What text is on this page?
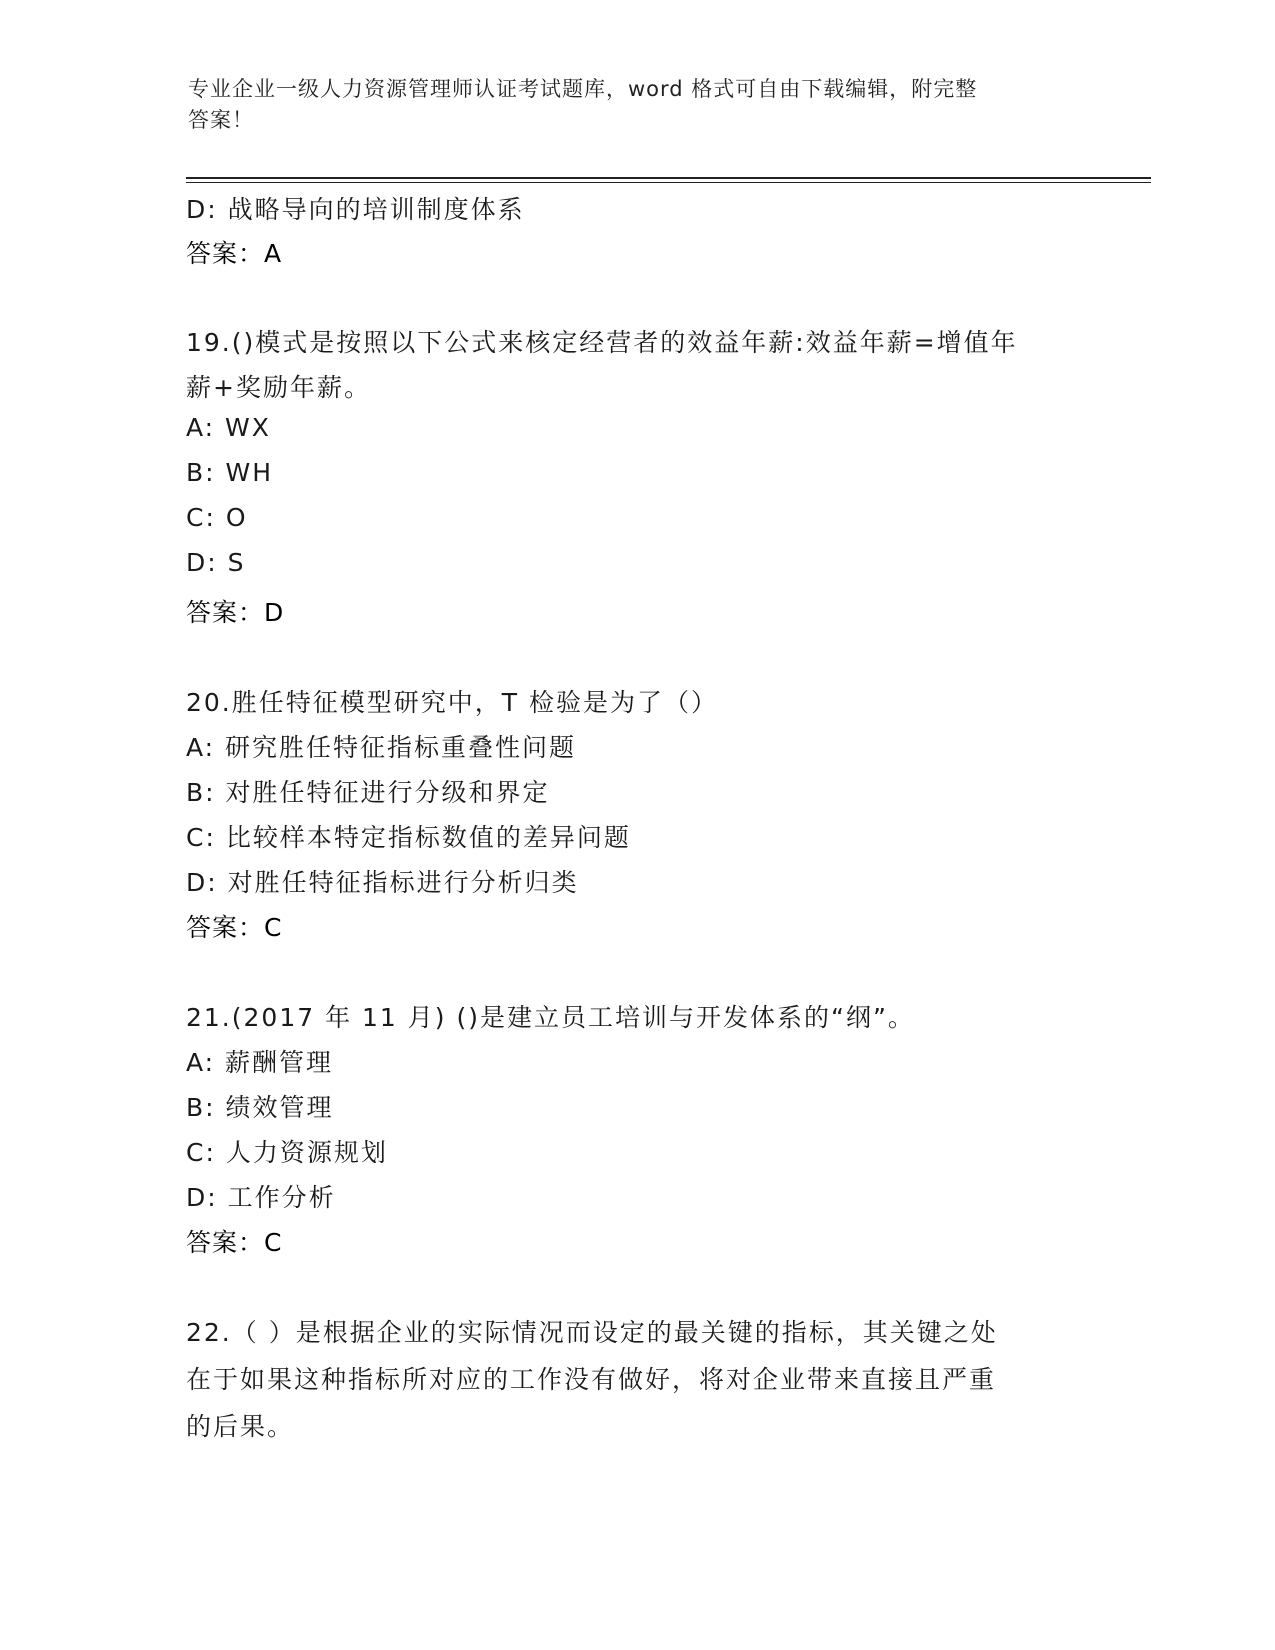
专业企业一级人力资源管理师认证考试题库，word 格式可自由下载编辑，附完整
答案！
D: 战略导向的培训制度体系
答案：A
19.()模式是按照以下公式来核定经营者的效益年薪:效益年薪=增值年
薪+奖励年薪。
A: WX
B: WH
C: O
D: S
答案：D
20.胜任特征模型研究中，T 检验是为了（）
A: 研究胜任特征指标重叠性问题
B: 对胜任特征进行分级和界定
C: 比较样本特定指标数值的差异问题
D: 对胜任特征指标进行分析归类
答案：C
21.(2017 年 11 月) ()是建立员工培训与开发体系的“纲”。
A: 薪酬管理
B: 绩效管理
C: 人力资源规划
D: 工作分析
答案：C
22.（ ）是根据企业的实际情况而设定的最关键的指标，其关键之处
在于如果这种指标所对应的工作没有做好，将对企业带来直接且严重
的后果。
